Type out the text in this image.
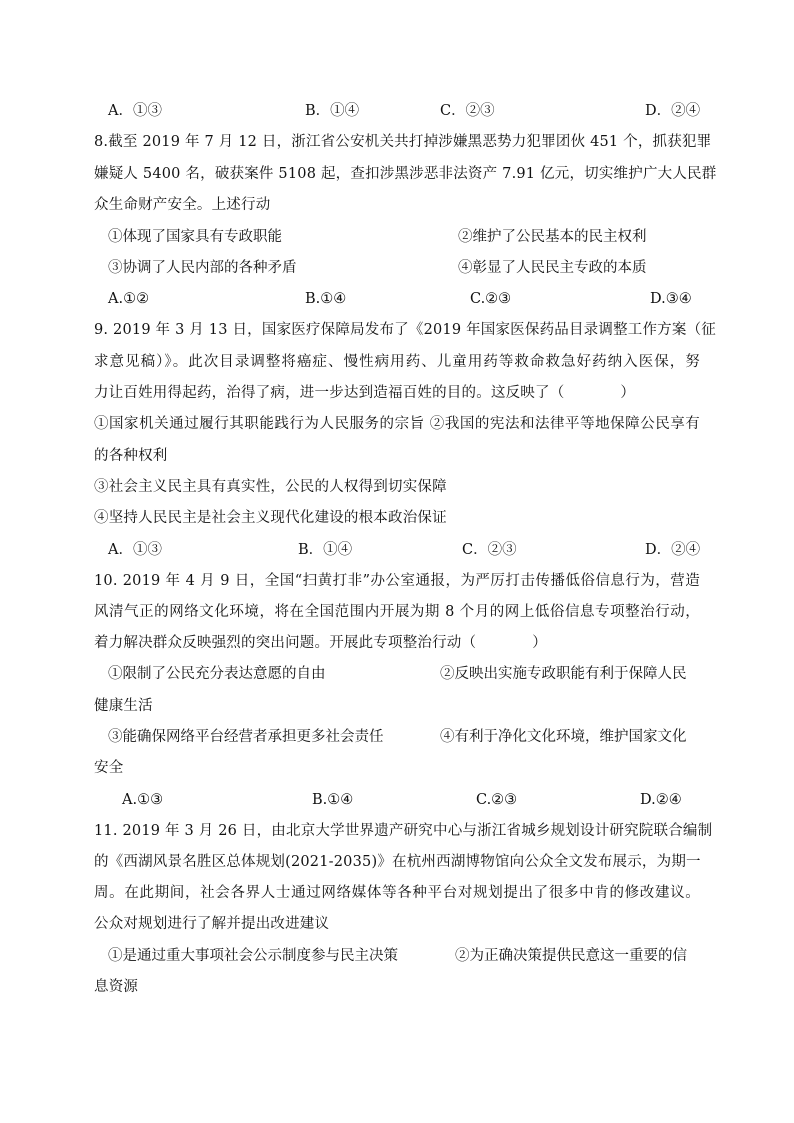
A．①③	B．①④	C．②③	D．②④
8.截至 2019 年 7 月 12 日，浙江省公安机关共打掉涉嫌黑恶势力犯罪团伙 451 个，抓获犯罪
嫌疑人 5400 名，破获案件 5108 起，查扣涉黑涉恶非法资产 7.91 亿元，切实维护广大人民群
众生命财产安全。上述行动
①体现了国家具有专政职能	②维护了公民基本的民主权利
③协调了人民内部的各种矛盾	④彰显了人民民主专政的本质
A.①②	B.①④	C.②③	D.③④
9. 2019 年 3 月 13 日，国家医疗保障局发布了《2019 年国家医保药品目录调整工作方案（征
求意见稿）》。此次目录调整将癌症、慢性病用药、儿童用药等救命救急好药纳入医保，努
力让百姓用得起药，治得了病，进一步达到造福百姓的目的。这反映了（	）
①国家机关通过履行其职能践行为人民服务的宗旨 ②我国的宪法和法律平等地保障公民享有
的各种权利
③社会主义民主具有真实性，公民的人权得到切实保障
④坚持人民民主是社会主义现代化建设的根本政治保证
A．①③	B．①④	C．②③	D．②④
10. 2019 年 4 月 9 日，全国“扫黄打非”办公室通报，为严厉打击传播低俗信息行为，营造
风清气正的网络文化环境，将在全国范围内开展为期 8 个月的网上低俗信息专项整治行动，
着力解决群众反映强烈的突出问题。开展此专项整治行动（	）
①限制了公民充分表达意愿的自由	②反映出实施专政职能有利于保障人民
健康生活
③能确保网络平台经营者承担更多社会责任	④有利于净化文化环境，维护国家文化
安全
A.①③	B.①④	C.②③	D.②④
11. 2019 年 3 月 26 日，由北京大学世界遗产研究中心与浙江省城乡规划设计研究院联合编制
的《西湖风景名胜区总体规划(2021-2035)》在杭州西湖博物馆向公众全文发布展示，为期一
周。在此期间，社会各界人士通过网络媒体等各种平台对规划提出了很多中肯的修改建议。
公众对规划进行了解并提出改进建议
①是通过重大事项社会公示制度参与民主决策	②为正确决策提供民意这一重要的信
息资源
